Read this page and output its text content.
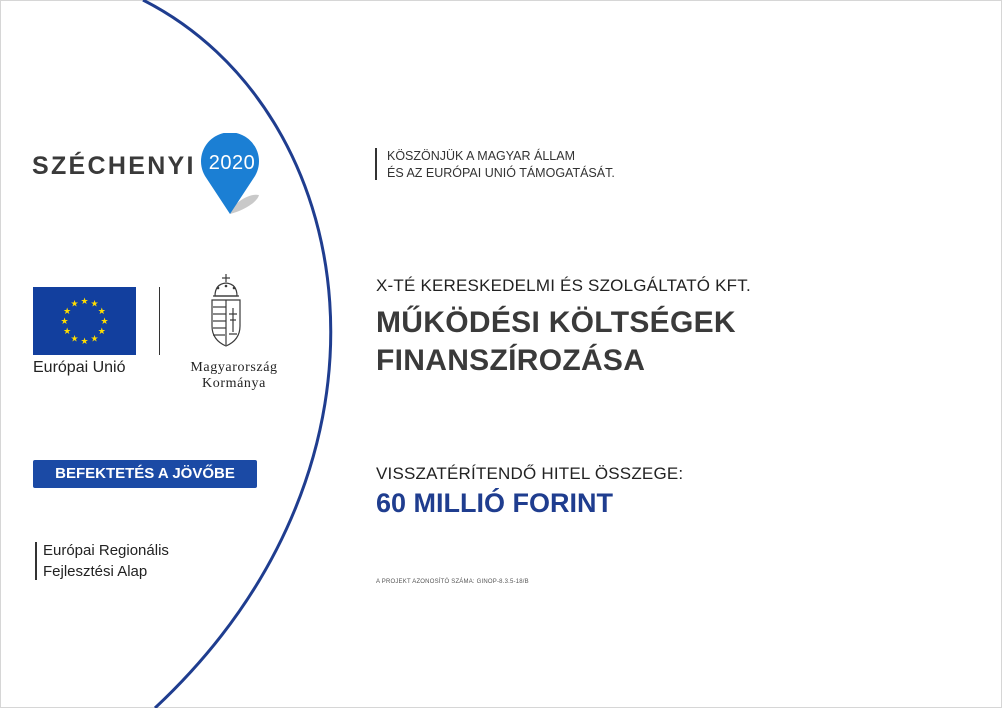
SZÉCHENYI 2020
★ ★
★
★
★
★
★
★
★
★
★
★
Európai Unió	Magyarország
Kormánya
BEFEKTETÉS A JÖVŐBE
Európai Regionális
Fejlesztési Alap
KÖSZÖNJÜK A MAGYAR ÁLLAM
ÉS AZ EURÓPAI UNIÓ TÁMOGATÁSÁT.
X-TÉ KERESKEDELMI ÉS SZOLGÁLTATÓ KFT.
MŰKÖDÉSI KÖLTSÉGEK
FINANSZÍROZÁSA
VISSZATÉRÍTENDŐ HITEL ÖSSZEGE:
60 MILLIÓ FORINT
A PROJEKT AZONOSÍTÓ SZÁMA: GINOP-8.3.5-18/B
